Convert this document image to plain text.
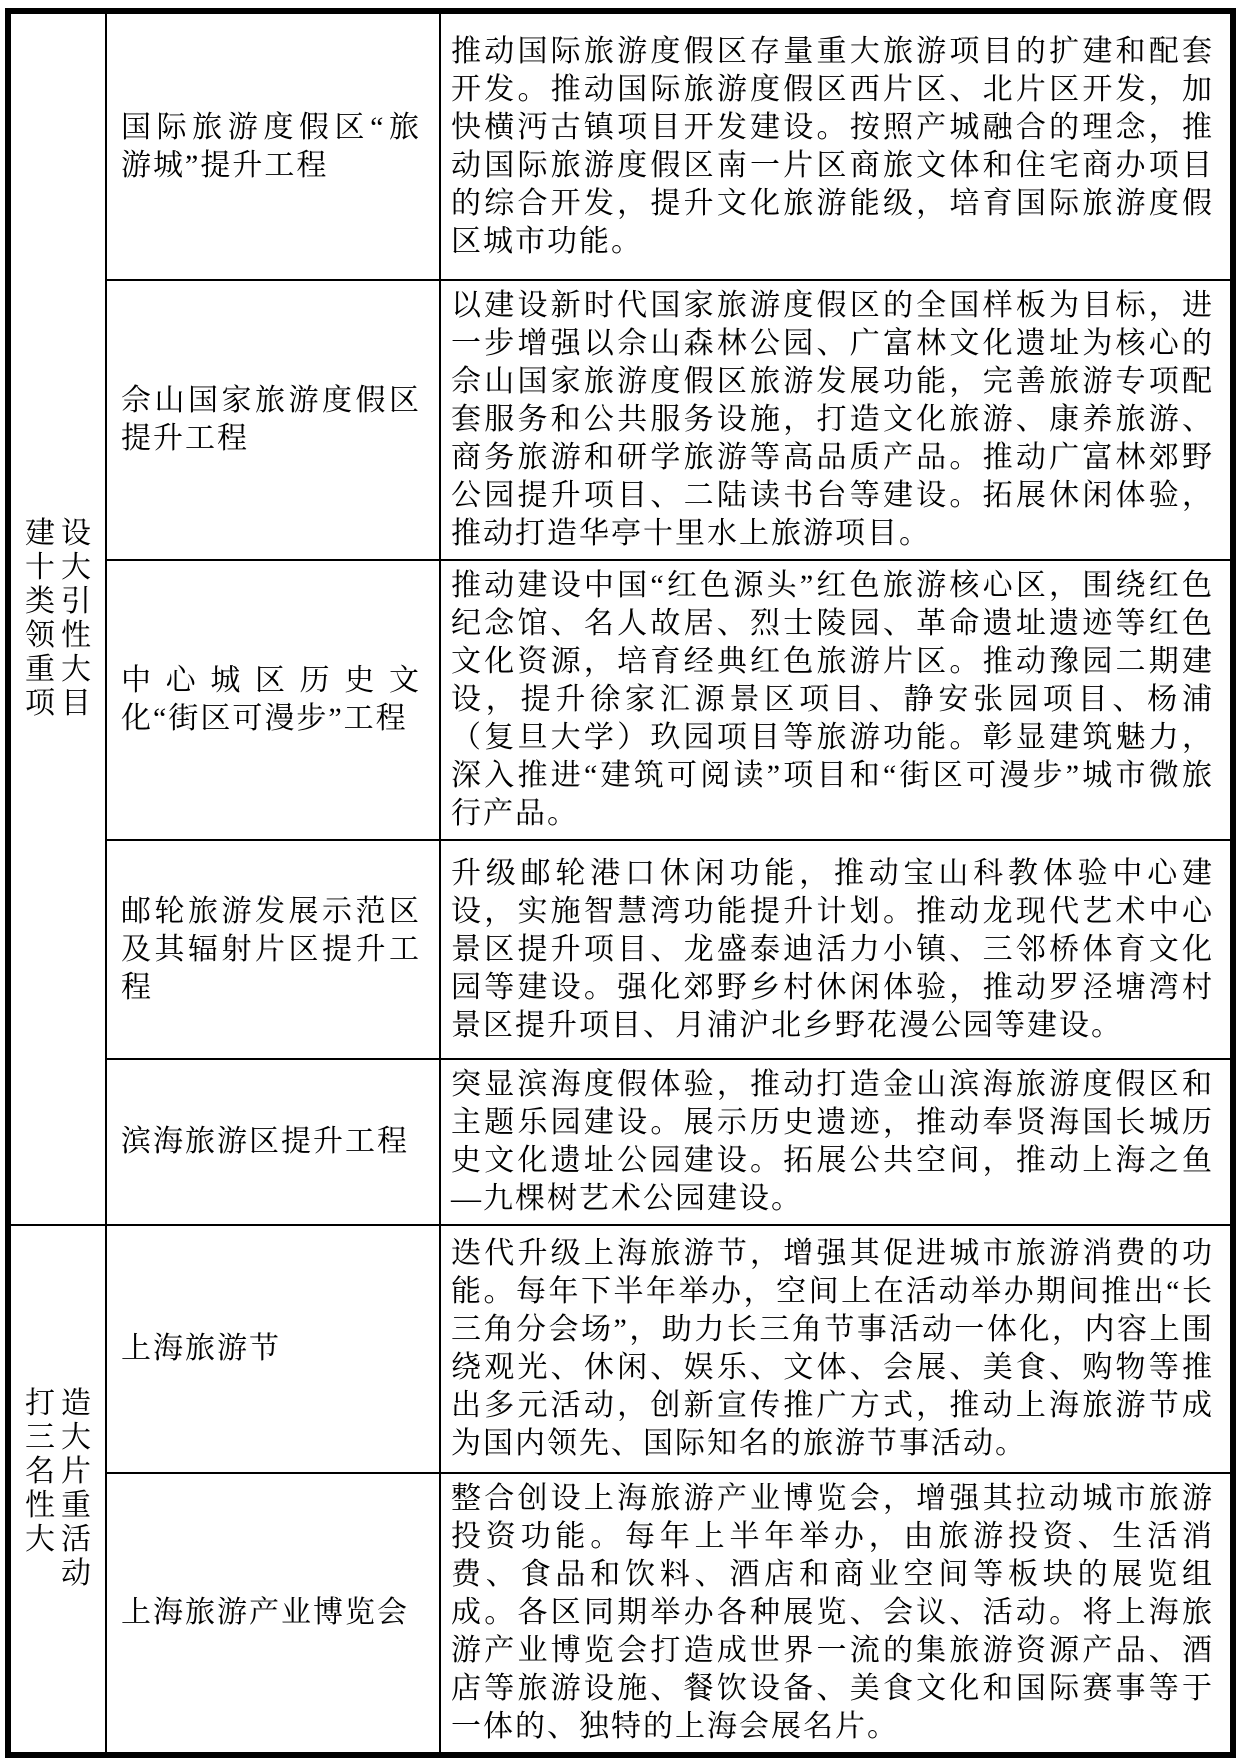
建设十大类引领性重大项目	国际旅游度假区“旅游城”提升工程	推动国际旅游度假区存量重大旅游项目的扩建和配套开发。推动国际旅游度假区西片区、北片区开发，加快横沔古镇项目开发建设。按照产城融合的理念，推动国际旅游度假区南一片区商旅文体和住宅商办项目的综合开发，提升文化旅游能级，培育国际旅游度假区城市功能。

	佘山国家旅游度假区提升工程	以建设新时代国家旅游度假区的全国样板为目标，进一步增强以佘山森林公园、广富林文化遗址为核心的佘山国家旅游度假区旅游发展功能，完善旅游专项配套服务和公共服务设施，打造文化旅游、康养旅游、商务旅游和研学旅游等高品质产品。推动广富林郊野公园提升项目、二陆读书台等建设。拓展休闲体验，推动打造华亭十里水上旅游项目。

	中心城区历史文化“街区可漫步”工程	推动建设中国“红色源头”红色旅游核心区，围绕红色纪念馆、名人故居、烈士陵园、革命遗址遗迹等红色文化资源，培育经典红色旅游片区。推动豫园二期建设，提升徐家汇源景区项目、静安张园项目、杨浦（复旦大学）玖园项目等旅游功能。彰显建筑魅力，深入推进“建筑可阅读”项目和“街区可漫步”城市微旅行产品。

	邮轮旅游发展示范区及其辐射片区提升工程	升级邮轮港口休闲功能，推动宝山科教体验中心建设，实施智慧湾功能提升计划。推动龙现代艺术中心景区提升项目、龙盛泰迪活力小镇、三邻桥体育文化园等建设。强化郊野乡村休闲体验，推动罗泾塘湾村景区提升项目、月浦沪北乡野花漫公园等建设。

	滨海旅游区提升工程	突显滨海度假体验，推动打造金山滨海旅游度假区和主题乐园建设。展示历史遗迹，推动奉贤海国长城历史文化遗址公园建设。拓展公共空间，推动上海之鱼—九棵树艺术公园建设。

打造三大名片性重大活动	上海旅游节	迭代升级上海旅游节，增强其促进城市旅游消费的功能。每年下半年举办，空间上在活动举办期间推出“长三角分会场”，助力长三角节事活动一体化，内容上围绕观光、休闲、娱乐、文体、会展、美食、购物等推出多元活动，创新宣传推广方式，推动上海旅游节成为国内领先、国际知名的旅游节事活动。

	上海旅游产业博览会	整合创设上海旅游产业博览会，增强其拉动城市旅游投资功能。每年上半年举办，由旅游投资、生活消费、食品和饮料、酒店和商业空间等板块的展览组成。各区同期举办各种展览、会议、活动。将上海旅游产业博览会打造成世界一流的集旅游资源产品、酒店等旅游设施、餐饮设备、美食文化和国际赛事等于一体的、独特的上海会展名片。
